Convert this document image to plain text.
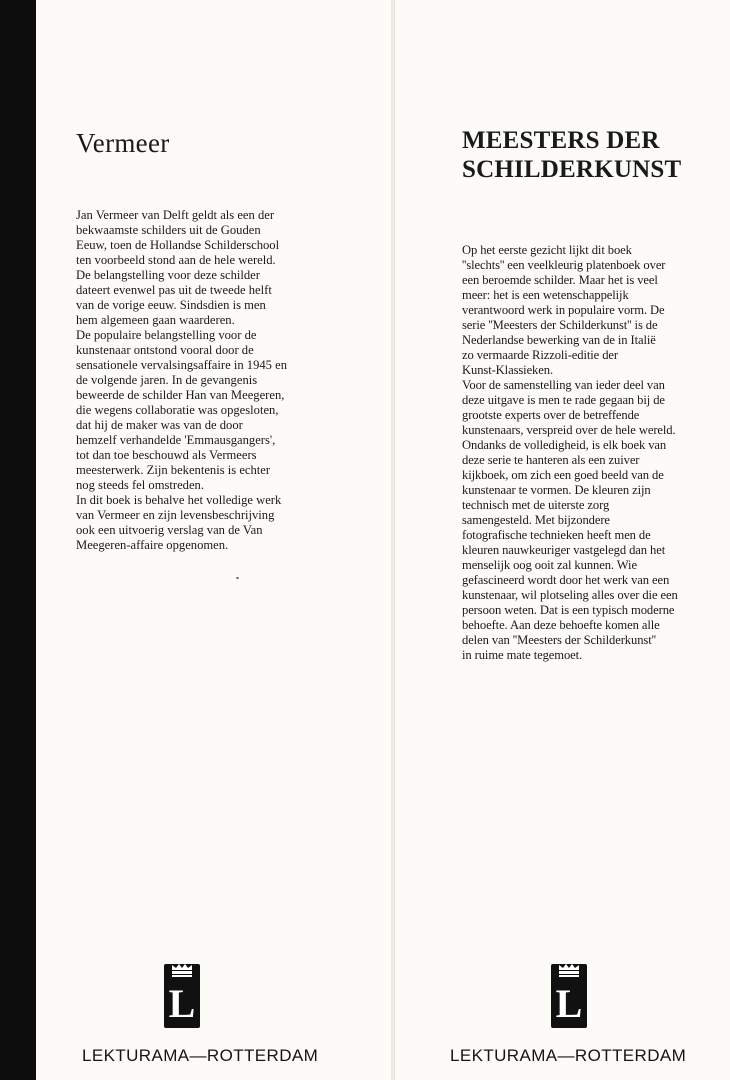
Vermeer
Jan Vermeer van Delft geldt als een der
bekwaamste schilders uit de Gouden
Eeuw, toen de Hollandse Schilderschool
ten voorbeeld stond aan de hele wereld.
De belangstelling voor deze schilder
dateert evenwel pas uit de tweede helft
van de vorige eeuw. Sindsdien is men
hem algemeen gaan waarderen.
De populaire belangstelling voor de
kunstenaar ontstond vooral door de
sensationele vervalsingsaffaire in 1945 en
de volgende jaren. In de gevangenis
beweerde de schilder Han van Meegeren,
die wegens collaboratie was opgesloten,
dat hij de maker was van de door
hemzelf verhandelde 'Emmausgangers',
tot dan toe beschouwd als Vermeers
meesterwerk. Zijn bekentenis is echter
nog steeds fel omstreden.
In dit boek is behalve het volledige werk
van Vermeer en zijn levensbeschrijving
ook een uitvoerig verslag van de Van
Meegeren-affaire opgenomen.
MEESTERS DER
SCHILDERKUNST
Op het eerste gezicht lijkt dit boek
''slechts'' een veelkleurig platenboek over
een beroemde schilder. Maar het is veel
meer: het is een wetenschappelijk
verantwoord werk in populaire vorm. De
serie ''Meesters der Schilderkunst'' is de
Nederlandse bewerking van de in Italië
zo vermaarde Rizzoli-editie der
Kunst-Klassieken.
Voor de samenstelling van ieder deel van
deze uitgave is men te rade gegaan bij de
grootste experts over de betreffende
kunstenaars, verspreid over de hele wereld.
Ondanks de volledigheid, is elk boek van
deze serie te hanteren als een zuiver
kijkboek, om zich een goed beeld van de
kunstenaar te vormen. De kleuren zijn
technisch met de uiterste zorg
samengesteld. Met bijzondere
fotografische technieken heeft men de
kleuren nauwkeuriger vastgelegd dan het
menselijk oog ooit zal kunnen. Wie
gefascineerd wordt door het werk van een
kunstenaar, wil plotseling alles over die een
persoon weten. Dat is een typisch moderne
behoefte. Aan deze behoefte komen alle
delen van ''Meesters der Schilderkunst''
in ruime mate tegemoet.
L
LEKTURAMA—ROTTERDAM
L
LEKTURAMA—ROTTERDAM
